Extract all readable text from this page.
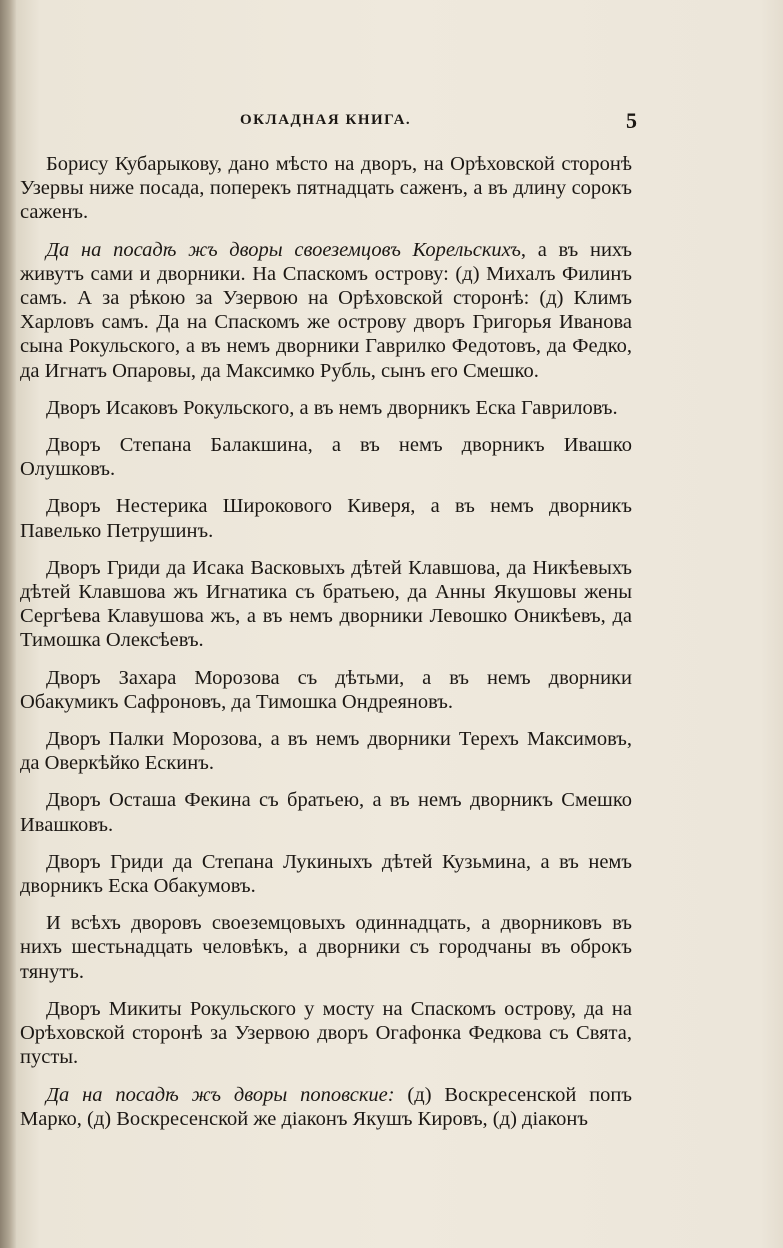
ОКЛАДНАЯ КНИГА.	5

Борису Кубарыкову, дано мѣсто на дворъ, на Орѣховской сторонѣ Узервы ниже посада, поперекъ пятнадцать саженъ, а въ длину сорокъ саженъ.

Да на посадѣ жъ дворы своеземцовъ Корельскихъ, а въ нихъ живутъ сами и дворники. На Спаскомъ острову: (д) Михалъ Филинъ самъ. А за рѣкою за Узервою на Орѣховской сторонѣ: (д) Климъ Харловъ самъ. Да на Спаскомъ же острову дворъ Григорья Иванова сына Рокульского, а въ немъ дворники Гаврилко Федотовъ, да Федко, да Игнатъ Опаровы, да Максимко Рубль, сынъ его Смешко.

Дворъ Исаковъ Рокульского, а въ немъ дворникъ Еска Гавриловъ.

Дворъ Степана Балакшина, а въ немъ дворникъ Ивашко Олушковъ.

Дворъ Нестерика Широкового Киверя, а въ немъ дворникъ Павелько Петрушинъ.

Дворъ Гриди да Исака Васковыхъ дѣтей Клавшова, да Никѣевыхъ дѣтей Клавшова жъ Игнатика съ братьею, да Анны Якушовы жены Сергѣева Клавушова жъ, а въ немъ дворники Левошко Оникѣевъ, да Тимошка Олексѣевъ.

Дворъ Захара Морозова съ дѣтьми, а въ немъ дворники Обакумикъ Сафроновъ, да Тимошка Ондреяновъ.

Дворъ Палки Морозова, а въ немъ дворники Терехъ Максимовъ, да Оверкѣйко Ескинъ.

Дворъ Осташа Фекина съ братьею, а въ немъ дворникъ Смешко Ивашковъ.

Дворъ Гриди да Степана Лукиныхъ дѣтей Кузьмина, а въ немъ дворникъ Еска Обакумовъ.

И всѣхъ дворовъ своеземцовыхъ одиннадцать, а дворниковъ въ нихъ шестьнадцать человѣкъ, а дворники съ городчаны въ оброкъ тянутъ.

Дворъ Микиты Рокульского у мосту на Спаскомъ острову, да на Орѣховской сторонѣ за Узервою дворъ Огафонка Федкова съ Свята, пусты.

Да на посадѣ жъ дворы поповские: (д) Воскресенской попъ Марко, (д) Воскресенской же дiаконъ Якушъ Кировъ, (д) дiаконъ
